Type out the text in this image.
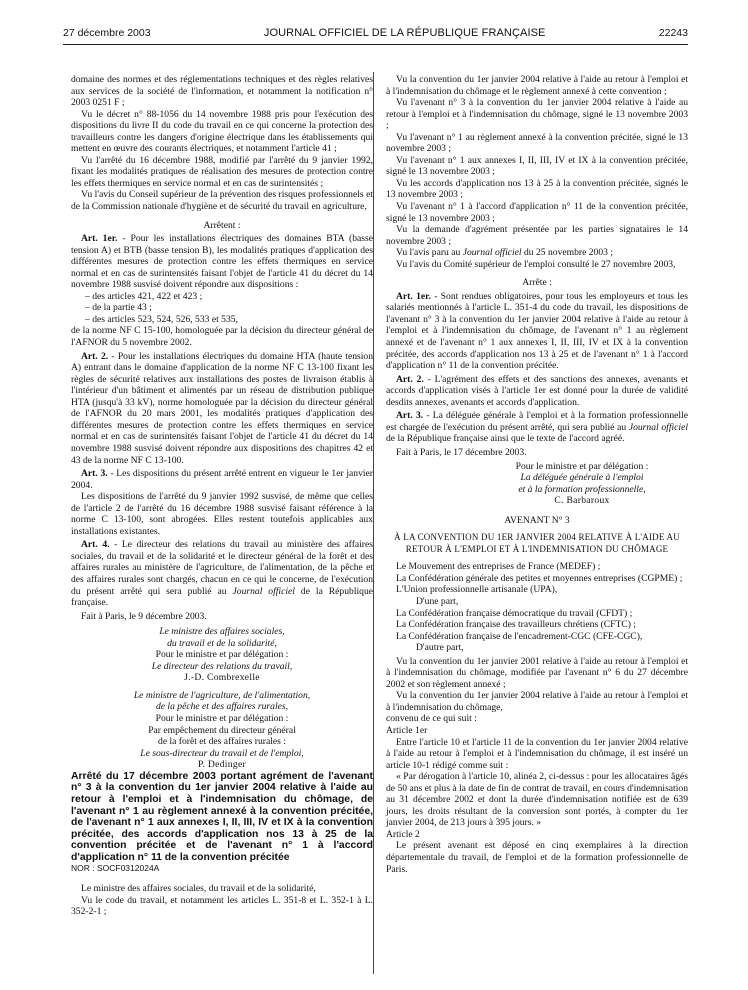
27 décembre 2003	JOURNAL OFFICIEL DE LA RÉPUBLIQUE FRANÇAISE	22243

domaine des normes et des réglementations techniques et des règles relatives aux services de la société de l'information, et notamment la notification n° 2003 0251 F ;

Vu le décret n° 88-1056 du 14 novembre 1988 pris pour l'exécution des dispositions du livre II du code du travail en ce qui concerne la protection des travailleurs contre les dangers d'origine électrique dans les établissements qui mettent en œuvre des courants électriques, et notamment l'article 41 ;

Vu l'arrêté du 16 décembre 1988, modifié par l'arrêté du 9 janvier 1992, fixant les modalités pratiques de réalisation des mesures de protection contre les effets thermiques en service normal et en cas de surintensités ;

Vu l'avis du Conseil supérieur de la prévention des risques professionnels et de la Commission nationale d'hygiène et de sécurité du travail en agriculture,

Arrêtent :

Art. 1er. - Pour les installations électriques des domaines BTA (basse tension A) et BTB (basse tension B), les modalités pratiques d'application des différentes mesures de protection contre les effets thermiques en service normal et en cas de surintensités faisant l'objet de l'article 41 du décret du 14 novembre 1988 susvisé doivent répondre aux dispositions :

– des articles 421, 422 et 423 ;

– de la partie 43 ;

– des articles 523, 524, 526, 533 et 535,

de la norme NF C 15-100, homologuée par la décision du directeur général de l'AFNOR du 5 novembre 2002.

Art. 2. - Pour les installations électriques du domaine HTA (haute tension A) entrant dans le domaine d'application de la norme NF C 13-100 fixant les règles de sécurité relatives aux installations des postes de livraison établis à l'intérieur d'un bâtiment et alimentés par un réseau de distribution publique HTA (jusqu'à 33 kV), norme homologuée par la décision du directeur général de l'AFNOR du 20 mars 2001, les modalités pratiques d'application des différentes mesures de protection contre les effets thermiques en service normal et en cas de surintensités faisant l'objet de l'article 41 du décret du 14 novembre 1988 susvisé doivent répondre aux dispositions des chapitres 42 et 43 de la norme NF C 13-100.

Art. 3. - Les dispositions du présent arrêté entrent en vigueur le 1er janvier 2004.

Les dispositions de l'arrêté du 9 janvier 1992 susvisé, de même que celles de l'article 2 de l'arrêté du 16 décembre 1988 susvisé faisant référence à la norme C 13-100, sont abrogées. Elles restent toutefois applicables aux installations existantes.

Art. 4. - Le directeur des relations du travail au ministère des affaires sociales, du travail et de la solidarité et le directeur général de la forêt et des affaires rurales au ministère de l'agriculture, de l'alimentation, de la pêche et des affaires rurales sont chargés, chacun en ce qui le concerne, de l'exécution du présent arrêté qui sera publié au Journal officiel de la République française.

Fait à Paris, le 9 décembre 2003.

Le ministre des affaires sociales,

du travail et de la solidarité,

Pour le ministre et par délégation :

Le directeur des relations du travail,

J.-D. Combrexelle

Le ministre de l'agriculture, de l'alimentation,

de la pêche et des affaires rurales,

Pour le ministre et par délégation :

Par empêchement du directeur général

de la forêt et des affaires rurales :

Le sous-directeur du travail et de l'emploi,

P. Dedinger

Arrêté du 17 décembre 2003 portant agrément de l'avenant n° 3 à la convention du 1er janvier 2004 relative à l'aide au retour à l'emploi et à l'indemnisation du chômage, de l'avenant n° 1 au règlement annexé à la convention précitée, de l'avenant n° 1 aux annexes I, II, III, IV et IX à la convention précitée, des accords d'application nos 13 à 25 de la convention précitée et de l'avenant n° 1 à l'accord d'application n° 11 de la convention précitée

NOR : SOCF0312024A

Le ministre des affaires sociales, du travail et de la solidarité,

Vu le code du travail, et notamment les articles L. 351-8 et L. 352-1 à L. 352-2-1 ;

Vu la convention du 1er janvier 2004 relative à l'aide au retour à l'emploi et à l'indemnisation du chômage et le règlement annexé à cette convention ;

Vu l'avenant n° 3 à la convention du 1er janvier 2004 relative à l'aide au retour à l'emploi et à l'indemnisation du chômage, signé le 13 novembre 2003 ;

Vu l'avenant n° 1 au règlement annexé à la convention précitée, signé le 13 novembre 2003 ;

Vu l'avenant n° 1 aux annexes I, II, III, IV et IX à la convention précitée, signé le 13 novembre 2003 ;

Vu les accords d'application nos 13 à 25 à la convention précitée, signés le 13 novembre 2003 ;

Vu l'avenant n° 1 à l'accord d'application n° 11 de la convention précitée, signé le 13 novembre 2003 ;

Vu la demande d'agrément présentée par les parties signataires le 14 novembre 2003 ;

Vu l'avis paru au Journal officiel du 25 novembre 2003 ;

Vu l'avis du Comité supérieur de l'emploi consulté le 27 novembre 2003,

Arrête :

Art. 1er. - Sont rendues obligatoires, pour tous les employeurs et tous les salariés mentionnés à l'article L. 351-4 du code du travail, les dispositions de l'avenant n° 3 à la convention du 1er janvier 2004 relative à l'aide au retour à l'emploi et à l'indemnisation du chômage, de l'avenant n° 1 au règlement annexé et de l'avenant n° 1 aux annexes I, II, III, IV et IX à la convention précitée, des accords d'application nos 13 à 25 et de l'avenant n° 1 à l'accord d'application n° 11 de la convention précitée.

Art. 2. - L'agrément des effets et des sanctions des annexes, avenants et accords d'application visés à l'article 1er est donné pour la durée de validité desdits annexes, avenants et accords d'application.

Art. 3. - La déléguée générale à l'emploi et à la formation professionnelle est chargée de l'exécution du présent arrêté, qui sera publié au Journal officiel de la République française ainsi que le texte de l'accord agréé.

Fait à Paris, le 17 décembre 2003.

Pour le ministre et par délégation :

La déléguée générale à l'emploi

et à la formation professionnelle,

C. Barbaroux

AVENANT N° 3

À LA CONVENTION DU 1ER JANVIER 2004 RELATIVE À L'AIDE AU RETOUR À L'EMPLOI ET À L'INDEMNISATION DU CHÔMAGE

Le Mouvement des entreprises de France (MEDEF) ;

La Confédération générale des petites et moyennes entreprises (CGPME) ;

L'Union professionnelle artisanale (UPA),

D'une part,

La Confédération française démocratique du travail (CFDT) ;

La Confédération française des travailleurs chrétiens (CFTC) ;

La Confédération française de l'encadrement-CGC (CFE-CGC),

D'autre part,

Vu la convention du 1er janvier 2001 relative à l'aide au retour à l'emploi et à l'indemnisation du chômage, modifiée par l'avenant n° 6 du 27 décembre 2002 et son règlement annexé ;

Vu la convention du 1er janvier 2004 relative à l'aide au retour à l'emploi et à l'indemnisation du chômage,

convenu de ce qui suit :

Article 1er

Entre l'article 10 et l'article 11 de la convention du 1er janvier 2004 relative à l'aide au retour à l'emploi et à l'indemnisation du chômage, il est inséré un article 10-1 rédigé comme suit :

« Par dérogation à l'article 10, alinéa 2, ci-dessus : pour les allocataires âgés de 50 ans et plus à la date de fin de contrat de travail, en cours d'indemnisation au 31 décembre 2002 et dont la durée d'indemnisation notifiée est de 639 jours, les droits résultant de la conversion sont portés, à compter du 1er janvier 2004, de 213 jours à 395 jours. »

Article 2

Le présent avenant est déposé en cinq exemplaires à la direction départementale du travail, de l'emploi et de la formation professionnelle de Paris.
